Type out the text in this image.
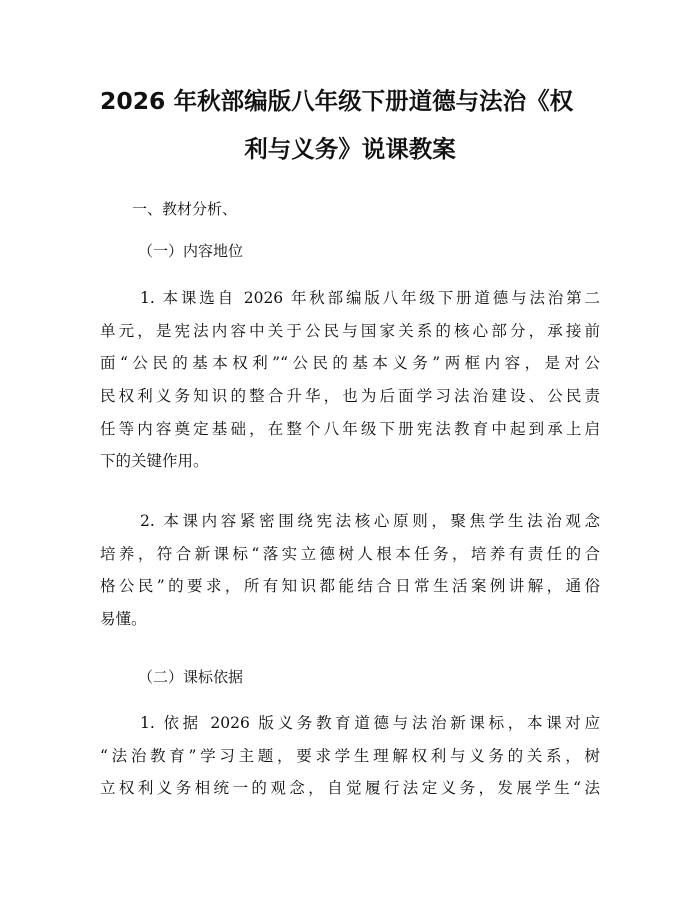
2026 年秋部编版八年级下册道德与法治《权
利与义务》说课教案
一、教材分析、
（一）内容地位
1. 本课选自 2026 年秋部编版八年级下册道德与法治第二
单元，是宪法内容中关于公民与国家关系的核心部分，承接前
面“公民的基本权利”“公民的基本义务”两框内容，是对公
民权利义务知识的整合升华，也为后面学习法治建设、公民责
任等内容奠定基础，在整个八年级下册宪法教育中起到承上启
下的关键作用。
2. 本课内容紧密围绕宪法核心原则，聚焦学生法治观念
培养，符合新课标“落实立德树人根本任务，培养有责任的合
格公民”的要求，所有知识都能结合日常生活案例讲解，通俗
易懂。
（二）课标依据
1. 依据 2026 版义务教育道德与法治新课标，本课对应
“法治教育”学习主题，要求学生理解权利与义务的关系，树
立权利义务相统一的观念，自觉履行法定义务，发展学生“法
